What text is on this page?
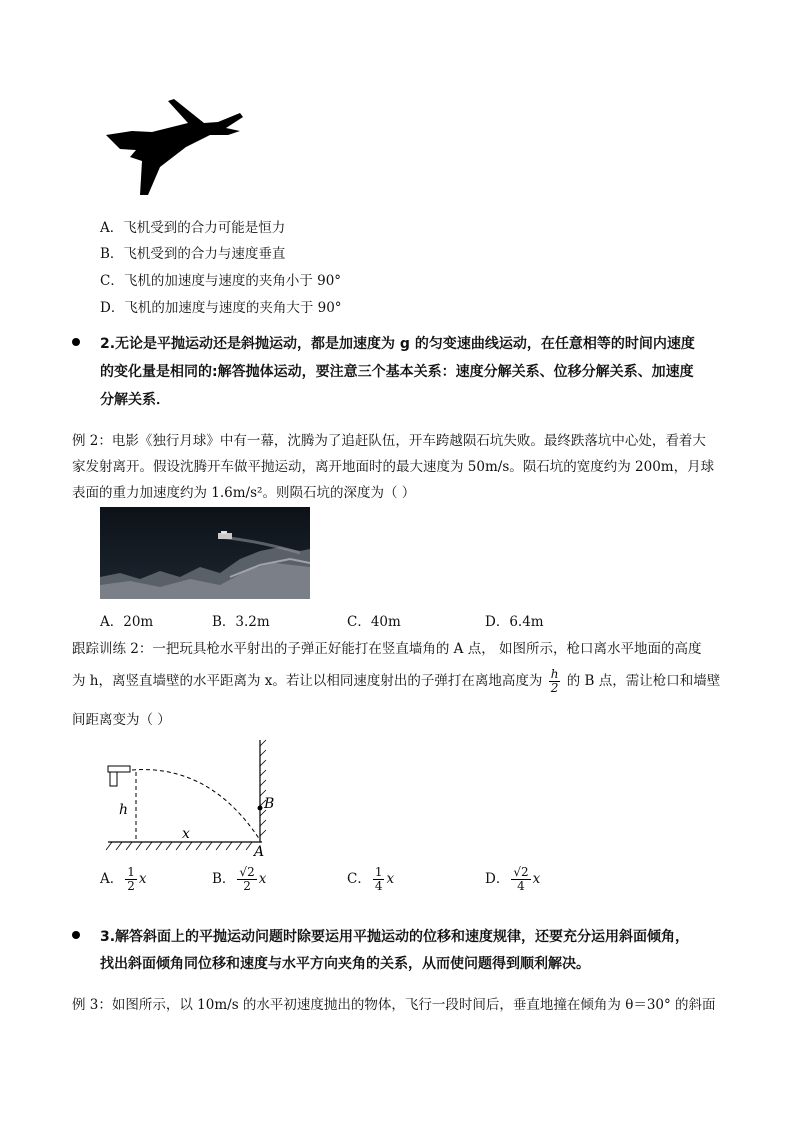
A．飞机受到的合力可能是恒力
B．飞机受到的合力与速度垂直
C．飞机的加速度与速度的夹角小于 90°
D．飞机的加速度与速度的夹角大于 90°
2.无论是平抛运动还是斜抛运动，都是加速度为 g 的匀变速曲线运动，在任意相等的时间内速度
的变化量是相同的:解答抛体运动，要注意三个基本关系：速度分解关系、位移分解关系、加速度
分解关系．
例 2：电影《独行月球》中有一幕，沈腾为了追赶队伍，开车跨越陨石坑失败。最终跌落坑中心处，看着大
家发射离开。假设沈腾开车做平抛运动，离开地面时的最大速度为 50m/s。陨石坑的宽度约为 200m，月球
表面的重力加速度约为 1.6m/s²。则陨石坑的深度为（ ）
A．20m	B．3.2m	C．40m	D．6.4m
跟踪训练 2：一把玩具枪水平射出的子弹正好能打在竖直墙角的 A 点， 如图所示，枪口离水平地面的高度
为 h，离竖直墙壁的水平距离为 x。若让以相同速度射出的子弹打在离地高度为 $\frac{h}{2}$ 的 B 点，需让枪口和墙壁
间距离变为（ ）
h
x
B
A
A． $\frac{1}{2}$ x	B． $\frac{√2}{2}$ x	C． $\frac{1}{4}$ x	D． $\frac{√2}{4}$ x
3.解答斜面上的平抛运动问题时除要运用平抛运动的位移和速度规律，还要充分运用斜面倾角，
找出斜面倾角同位移和速度与水平方向夹角的关系，从而使问题得到顺利解决。
例 3：如图所示，以 10m/s 的水平初速度抛出的物体，飞行一段时间后，垂直地撞在倾角为 θ＝30° 的斜面
